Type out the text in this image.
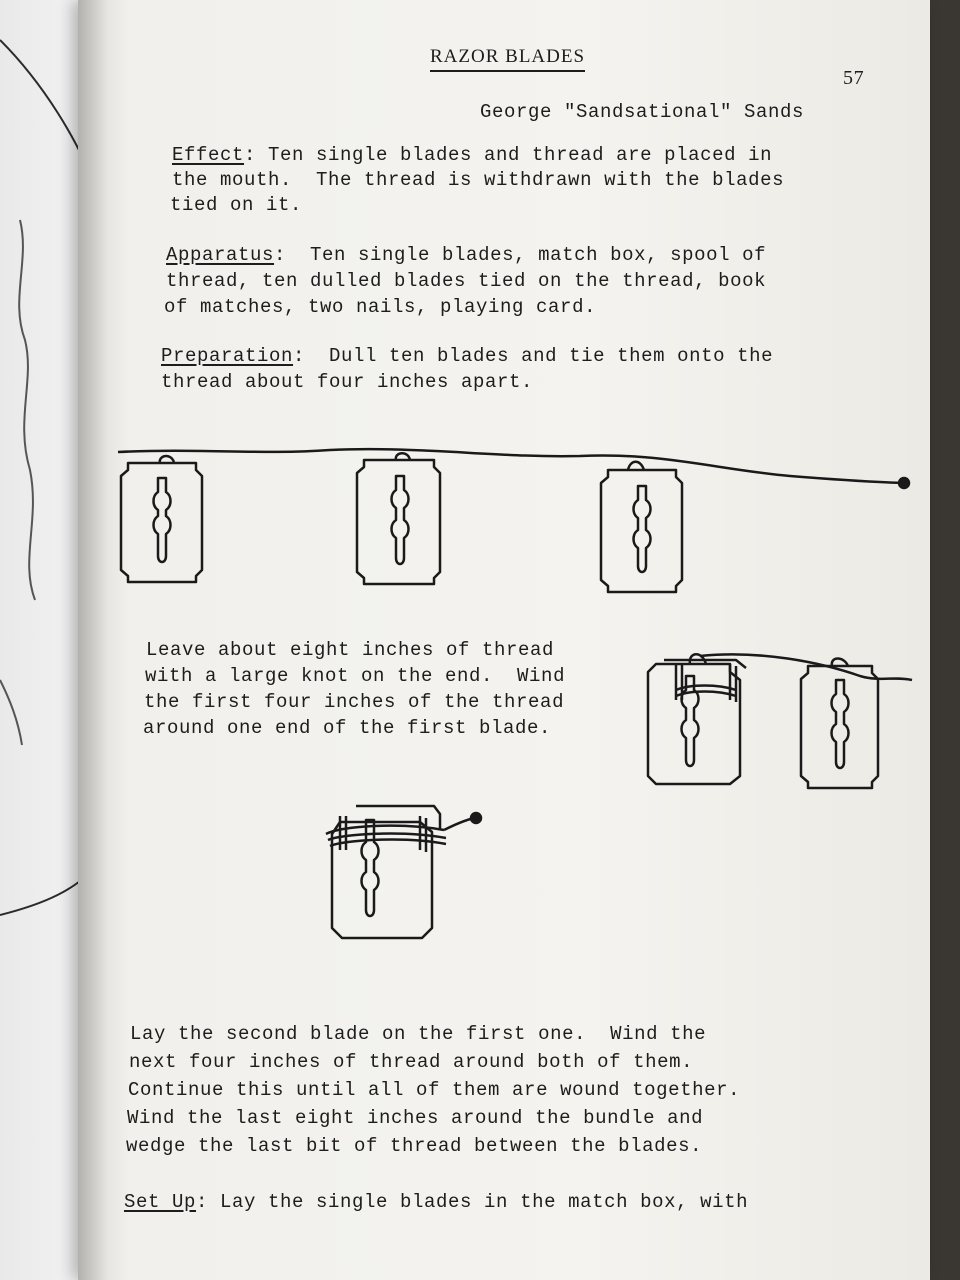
RAZOR BLADES
57
George "Sandsational" Sands
Effect: Ten single blades and thread are placed in
the mouth.  The thread is withdrawn with the blades
tied on it.
Apparatus:  Ten single blades, match box, spool of
thread, ten dulled blades tied on the thread, book
of matches, two nails, playing card.
Preparation:  Dull ten blades and tie them onto the
thread about four inches apart.
Leave about eight inches of thread
with a large knot on the end.  Wind
the first four inches of the thread
around one end of the first blade.
Lay the second blade on the first one.  Wind the
next four inches of thread around both of them.
Continue this until all of them are wound together.
Wind the last eight inches around the bundle and
wedge the last bit of thread between the blades.
Set Up: Lay the single blades in the match box, with
